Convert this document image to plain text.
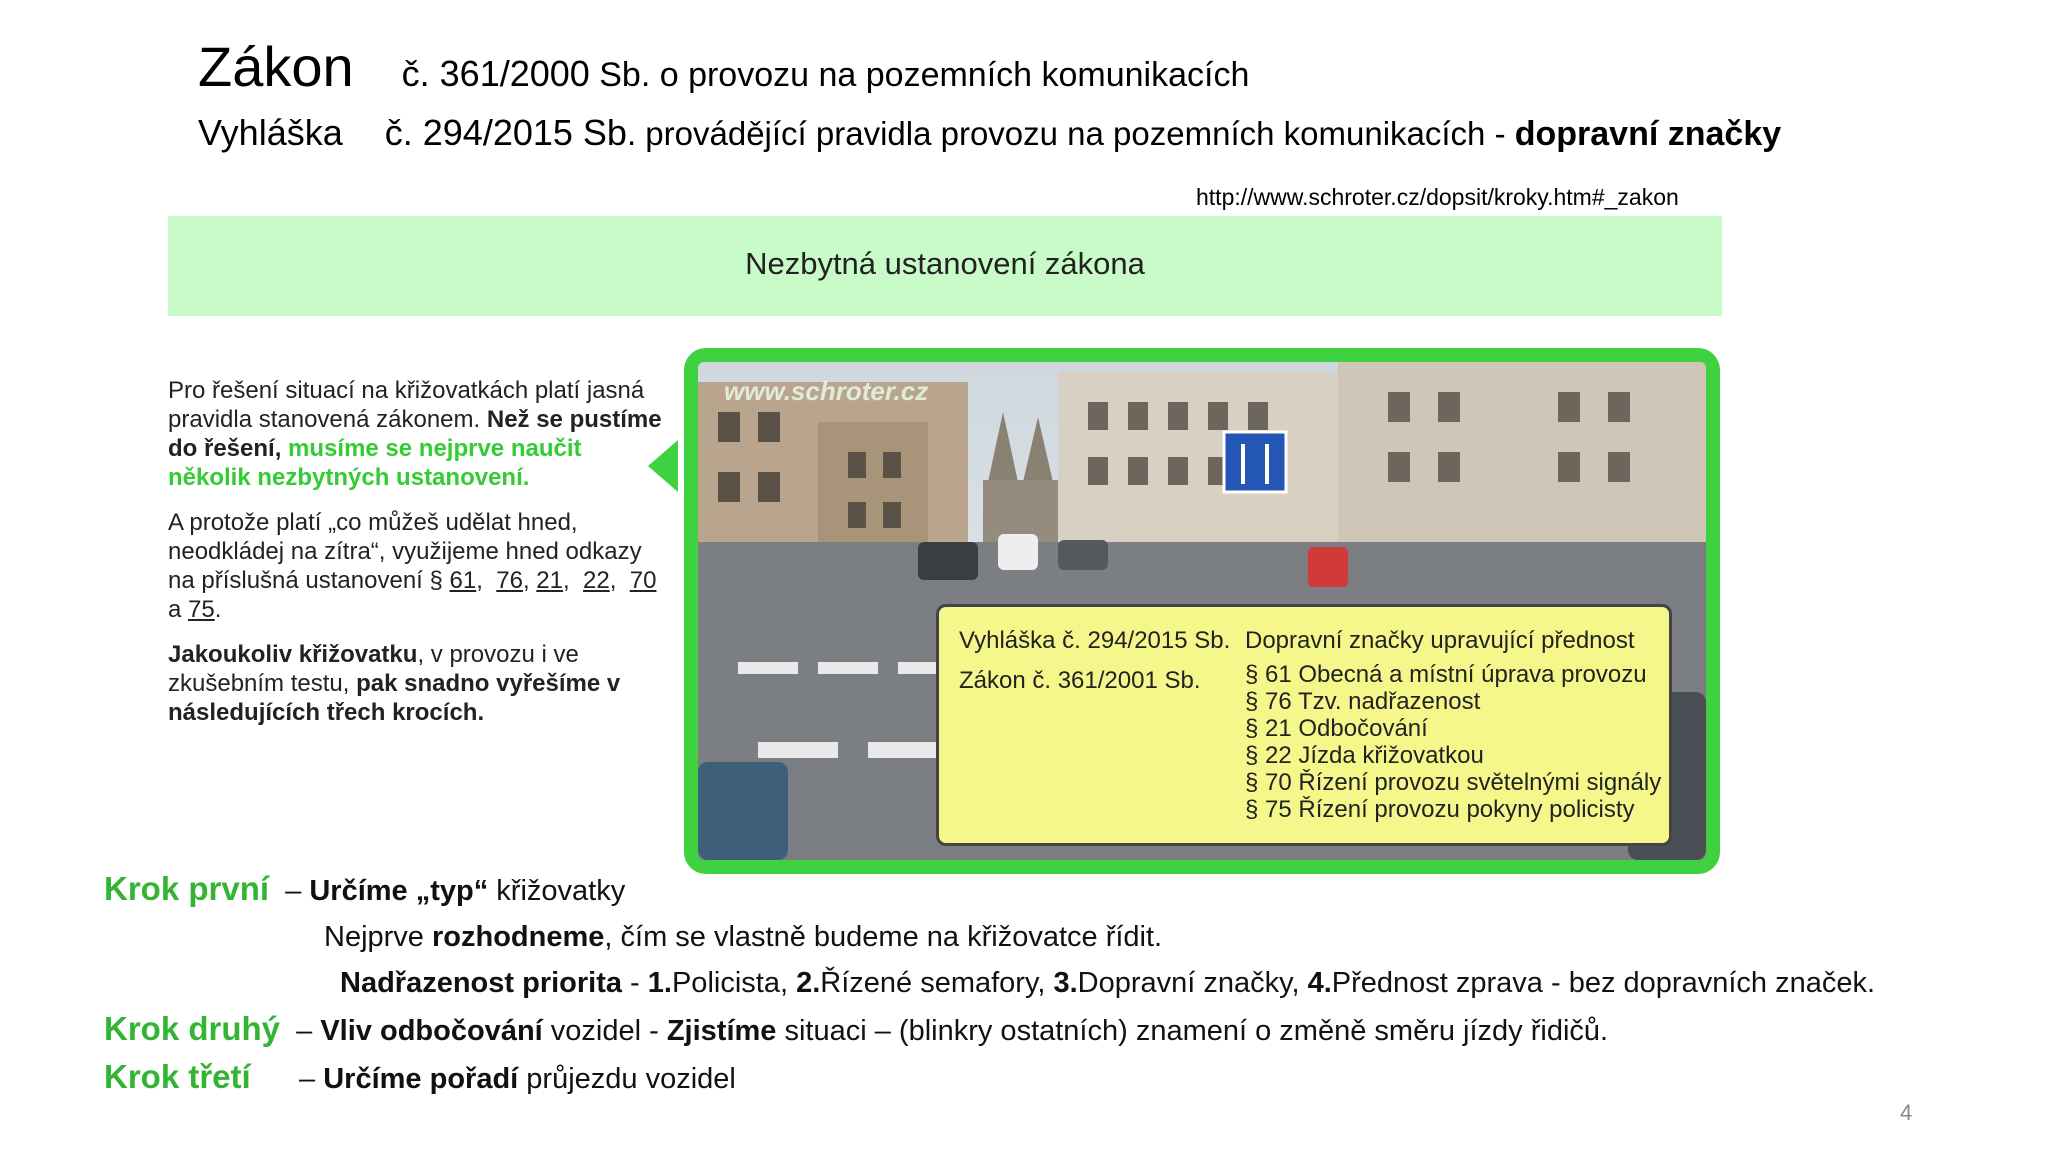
Zákon č. 361/2000 Sb. o provozu na pozemních komunikacích
Vyhláška č. 294/2015 Sb. provádějící pravidla provozu na pozemních komunikacích - dopravní značky
http://www.schroter.cz/dopsit/kroky.htm#_zakon
Nezbytná ustanovení zákona

Pro řešení situací na křižovatkách platí jasná pravidla stanovená zákonem. Než se pustíme do řešení, musíme se nejprve naučit několik nezbytných ustanovení.

A protože platí „co můžeš udělat hned, neodkládej na zítra“, využijeme hned odkazy na příslušná ustanovení § 61,  76, 21,  22,  70 a 75.

Jakoukoliv křižovatku, v provozu i ve zkušebním testu, pak snadno vyřešíme v následujících třech krocích.

www.schroter.cz
Vyhláška č. 294/2015 Sb.
Zákon č. 361/2001 Sb.
Dopravní značky upravující přednost
§ 61 Obecná a místní úprava provozu
§ 76 Tzv. nadřazenost
§ 21 Odbočování
§ 22 Jízda křižovatkou
§ 70 Řízení provozu světelnými signály
§ 75 Řízení provozu pokyny policisty
Krok první  – Určíme „typ“ křižovatky
Nejprve rozhodneme, čím se vlastně budeme na křižovatce řídit.
Nadřazenost priorita - 1.Policista, 2.Řízené semafory, 3.Dopravní značky, 4.Přednost zprava - bez dopravních značek.
Krok druhý  – Vliv odbočování vozidel - Zjistíme situaci – (blinkry ostatních) znamení o změně směru jízdy řidičů.
Krok třetí      – Určíme pořadí průjezdu vozidel
4
